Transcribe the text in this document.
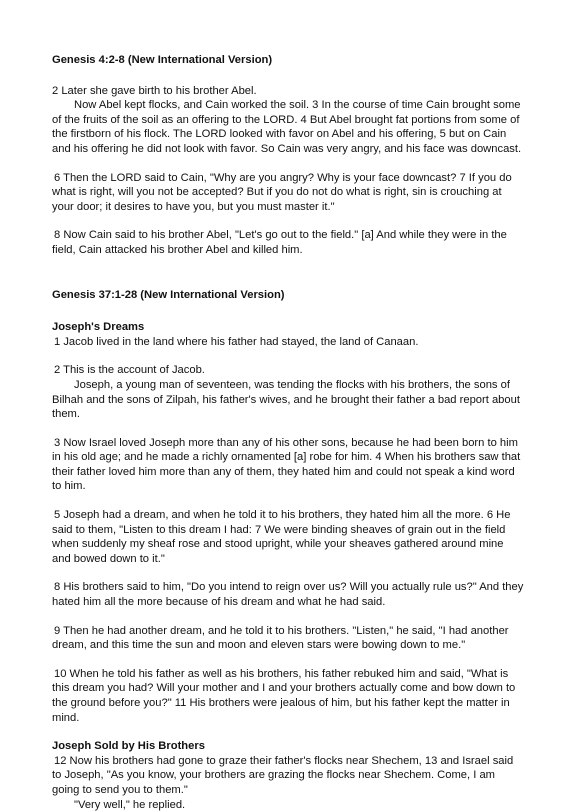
Genesis 4:2-8 (New International Version)

2 Later she gave birth to his brother Abel.

Now Abel kept flocks, and Cain worked the soil. 3 In the course of time Cain brought some of the fruits of the soil as an offering to the LORD. 4 But Abel brought fat portions from some of the firstborn of his flock. The LORD looked with favor on Abel and his offering, 5 but on Cain and his offering he did not look with favor. So Cain was very angry, and his face was downcast.

6 Then the LORD said to Cain, "Why are you angry? Why is your face downcast? 7 If you do what is right, will you not be accepted? But if you do not do what is right, sin is crouching at your door; it desires to have you, but you must master it."

8 Now Cain said to his brother Abel, "Let's go out to the field." [a] And while they were in the field, Cain attacked his brother Abel and killed him.

Genesis 37:1-28 (New International Version)
Joseph's Dreams

1 Jacob lived in the land where his father had stayed, the land of Canaan.

2 This is the account of Jacob.

Joseph, a young man of seventeen, was tending the flocks with his brothers, the sons of Bilhah and the sons of Zilpah, his father's wives, and he brought their father a bad report about them.

3 Now Israel loved Joseph more than any of his other sons, because he had been born to him in his old age; and he made a richly ornamented [a] robe for him. 4 When his brothers saw that their father loved him more than any of them, they hated him and could not speak a kind word to him.

5 Joseph had a dream, and when he told it to his brothers, they hated him all the more. 6 He said to them, "Listen to this dream I had: 7 We were binding sheaves of grain out in the field when suddenly my sheaf rose and stood upright, while your sheaves gathered around mine and bowed down to it."

8 His brothers said to him, "Do you intend to reign over us? Will you actually rule us?" And they hated him all the more because of his dream and what he had said.

9 Then he had another dream, and he told it to his brothers. "Listen," he said, "I had another dream, and this time the sun and moon and eleven stars were bowing down to me."

10 When he told his father as well as his brothers, his father rebuked him and said, "What is this dream you had? Will your mother and I and your brothers actually come and bow down to the ground before you?" 11 His brothers were jealous of him, but his father kept the matter in mind.

Joseph Sold by His Brothers

12 Now his brothers had gone to graze their father's flocks near Shechem, 13 and Israel said to Joseph, "As you know, your brothers are grazing the flocks near Shechem. Come, I am going to send you to them."

"Very well," he replied.
